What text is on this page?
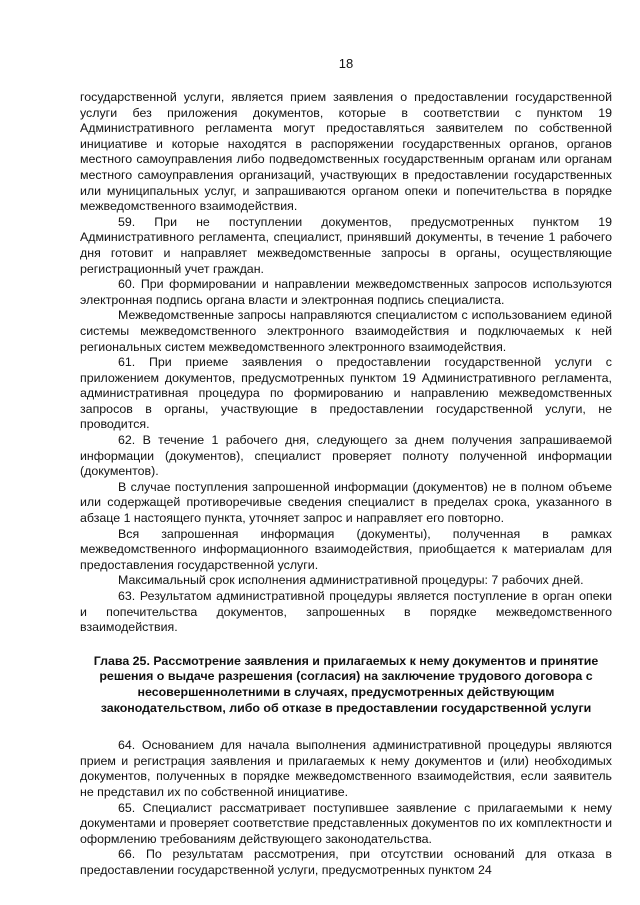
18

государственной услуги, является прием заявления о предоставлении государственной услуги без приложения документов, которые в соответствии с пунктом 19 Административного регламента могут предоставляться заявителем по собственной инициативе и которые находятся в распоряжении государственных органов, органов местного самоуправления либо подведомственных государственным органам или органам местного самоуправления организаций, участвующих в предоставлении государственных или муниципальных услуг, и запрашиваются органом опеки и попечительства в порядке межведомственного взаимодействия.

59. При не поступлении документов, предусмотренных пунктом 19 Административного регламента, специалист, принявший документы, в течение 1 рабочего дня готовит и направляет межведомственные запросы в органы, осуществляющие регистрационный учет граждан.

60. При формировании и направлении межведомственных запросов используются электронная подпись органа власти и электронная подпись специалиста.

Межведомственные запросы направляются специалистом с использованием единой системы межведомственного электронного взаимодействия и подключаемых к ней региональных систем межведомственного электронного взаимодействия.

61. При приеме заявления о предоставлении государственной услуги с приложением документов, предусмотренных пунктом 19 Административного регламента, административная процедура по формированию и направлению межведомственных запросов в органы, участвующие в предоставлении государственной услуги, не проводится.

62. В течение 1 рабочего дня, следующего за днем получения запрашиваемой информации (документов), специалист проверяет полноту полученной информации (документов).

В случае поступления запрошенной информации (документов) не в полном объеме или содержащей противоречивые сведения специалист в пределах срока, указанного в абзаце 1 настоящего пункта, уточняет запрос и направляет его повторно.

Вся запрошенная информация (документы), полученная в рамках межведомственного информационного взаимодействия, приобщается к материалам для предоставления государственной услуги.

Максимальный срок исполнения административной процедуры: 7 рабочих дней.

63. Результатом административной процедуры является поступление в орган опеки и попечительства документов, запрошенных в порядке межведомственного взаимодействия.

Глава 25. Рассмотрение заявления и прилагаемых к нему документов и принятие решения о выдаче разрешения (согласия) на заключение трудового договора с несовершеннолетними в случаях, предусмотренных действующим законодательством, либо об отказе в предоставлении государственной услуги

64. Основанием для начала выполнения административной процедуры являются прием и регистрация заявления и прилагаемых к нему документов и (или) необходимых документов, полученных в порядке межведомственного взаимодействия, если заявитель не представил их по собственной инициативе.

65. Специалист рассматривает поступившее заявление с прилагаемыми к нему документами и проверяет соответствие представленных документов по их комплектности и оформлению требованиям действующего законодательства.

66. По результатам рассмотрения, при отсутствии оснований для отказа в предоставлении государственной услуги, предусмотренных пунктом 24
